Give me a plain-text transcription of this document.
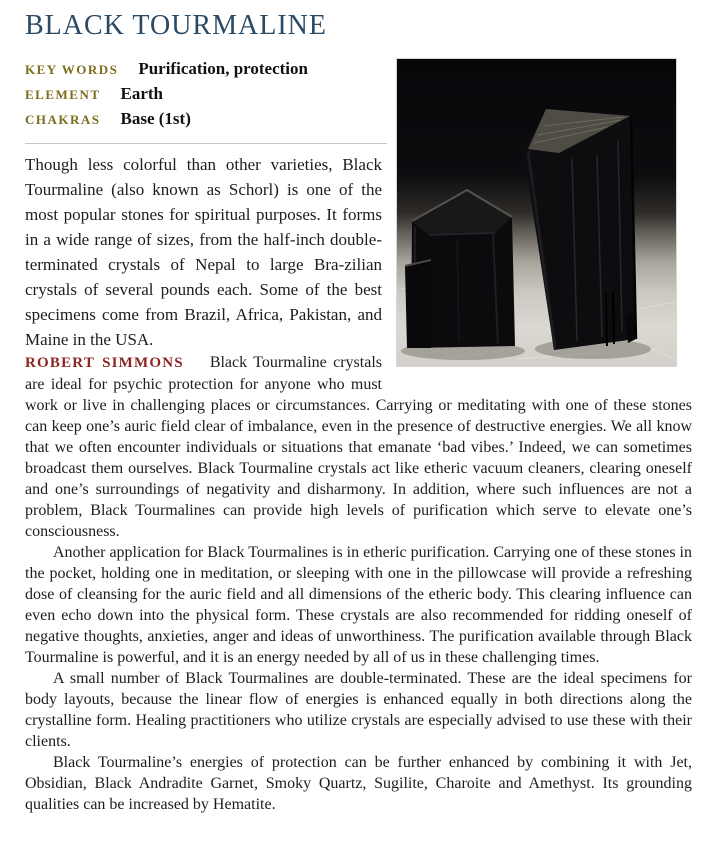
BLACK TOURMALINE
KEY WORDS Purification, protection
ELEMENT Earth
CHAKRAS Base (1st)

Though less colorful than other varieties, Black Tourmaline (also known as Schorl) is one of the most popular stones for spiritual purposes. It forms in a wide range of sizes, from the half-inch double-terminated crystals of Nepal to large Bra-zilian crystals of several pounds each. Some of the best specimens come from Brazil, Africa, Pakistan, and Maine in the USA.

ROBERT SIMMONS Black Tourmaline crystals are ideal for psychic protection for anyone who must work or live in challenging places or circumstances. Carrying or meditating with one of these stones can keep one’s auric field clear of imbalance, even in the presence of destructive energies. We all know that we often encounter individuals or situations that emanate ‘bad vibes.’ Indeed, we can sometimes broadcast them ourselves. Black Tourmaline crystals act like etheric vacuum cleaners, clearing oneself and one’s surroundings of negativity and disharmony. In addition, where such influences are not a problem, Black Tourmalines can provide high levels of purification which serve to elevate one’s consciousness.

Another application for Black Tourmalines is in etheric purification. Carrying one of these stones in the pocket, holding one in meditation, or sleeping with one in the pillowcase will provide a refreshing dose of cleansing for the auric field and all dimensions of the etheric body. This clearing influence can even echo down into the physical form. These crystals are also recommended for ridding oneself of negative thoughts, anxieties, anger and ideas of unworthiness. The purification available through Black Tourmaline is powerful, and it is an energy needed by all of us in these challenging times.

A small number of Black Tourmalines are double-terminated. These are the ideal specimens for body layouts, because the linear flow of energies is enhanced equally in both directions along the crystalline form. Healing practitioners who utilize crystals are especially advised to use these with their clients.

Black Tourmaline’s energies of protection can be further enhanced by combining it with Jet, Obsidian, Black Andradite Garnet, Smoky Quartz, Sugilite, Charoite and Amethyst. Its grounding qualities can be increased by Hematite.
